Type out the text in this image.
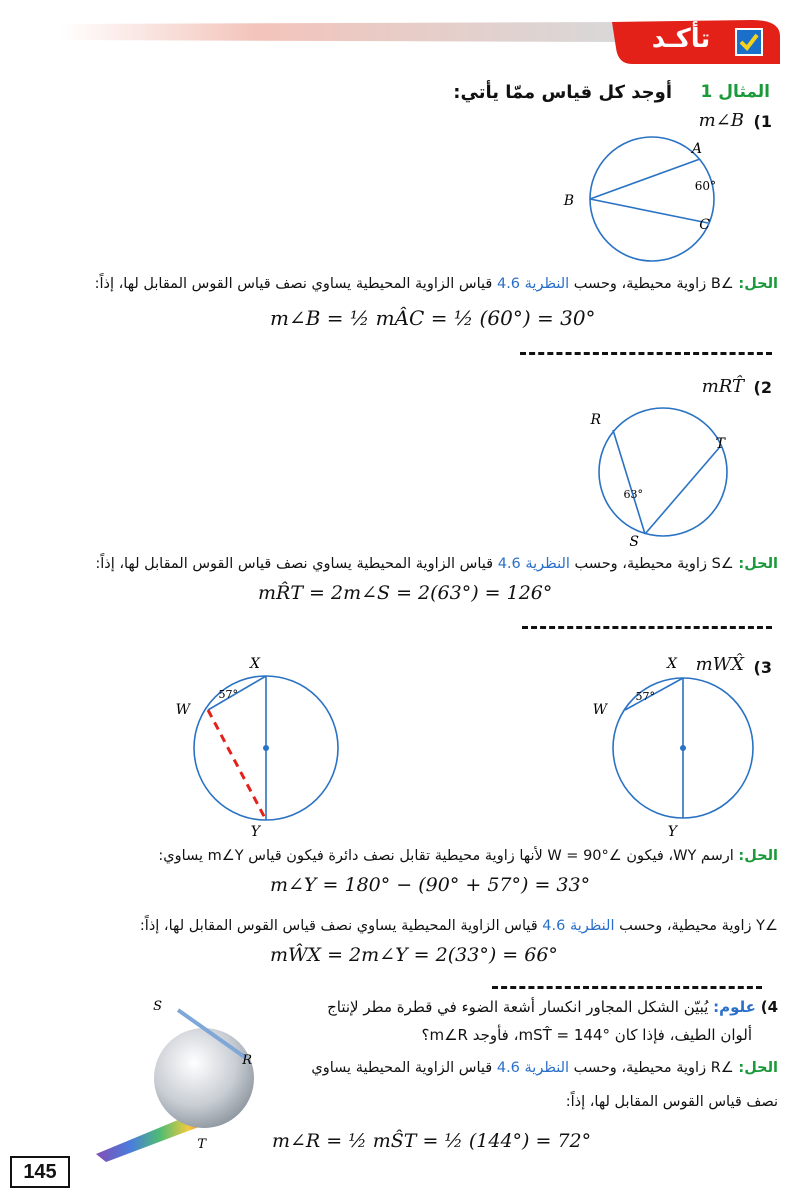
تأكـد
المثال 1
أوجد كل قياس ممّا يأتي:
(1
m∠B
A
B
C
60°
الحل: ∠B زاوية محيطية، وحسب النظرية 4.6 قياس الزاوية المحيطية يساوي نصف قياس القوس المقابل لها، إذاً:
m∠B = ½ mÂC = ½ (60°) = 30°
(2
mRT̂
R
T
S
63°
الحل: ∠S زاوية محيطية، وحسب النظرية 4.6 قياس الزاوية المحيطية يساوي نصف قياس القوس المقابل لها، إذاً:
mR̂T = 2m∠S = 2(63°) = 126°
(3
mWX̂
X
W
Y
57°
X
W
Y
57°
الحل: ارسم WY، فيكون ∠W = 90° لأنها زاوية محيطية تقابل نصف دائرة فيكون قياس m∠Y يساوي:
m∠Y = 180° − (90° + 57°) = 33°
∠Y زاوية محيطية، وحسب النظرية 4.6 قياس الزاوية المحيطية يساوي نصف قياس القوس المقابل لها، إذاً:
mŴX = 2m∠Y = 2(33°) = 66°
S
R
T
4) علوم: يُبيّن الشكل المجاور انكسار أشعة الضوء في قطرة مطر لإنتاج
ألوان الطيف، فإذا كان mST̂ = 144°، فأوجد m∠R؟
الحل: ∠R زاوية محيطية، وحسب النظرية 4.6 قياس الزاوية المحيطية يساوي
نصف قياس القوس المقابل لها، إذاً:
m∠R = ½ mŜT = ½ (144°) = 72°
145
